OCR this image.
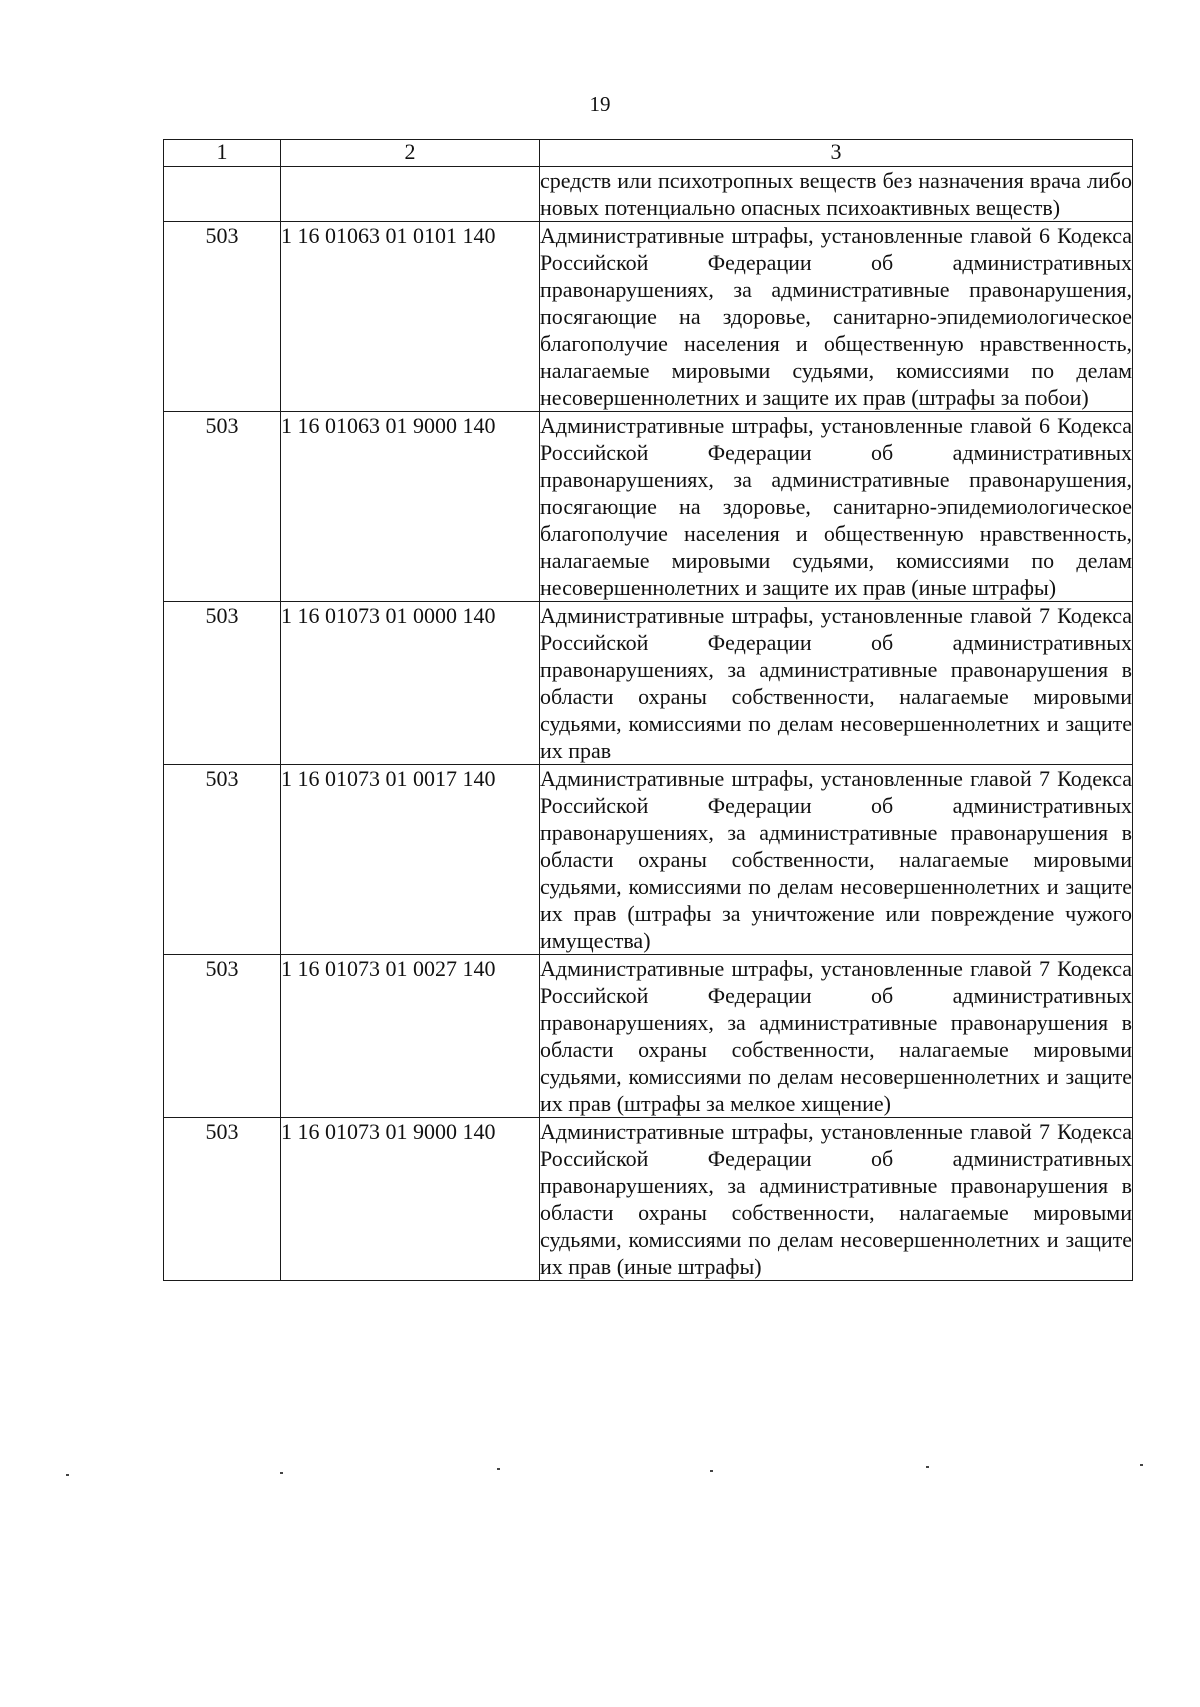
19
1	2	3
		средств или психотропных веществ без назначения врача либо новых потенциально опасных психоактивных веществ)
503	1 16 01063 01 0101 140	Административные штрафы, установленные главой 6 Кодекса Российской Федерации об административных правонарушениях, за административные правонарушения, посягающие на здоровье, санитарно-эпидемиологическое благополучие населения и общественную нравственность, налагаемые мировыми судьями, комиссиями по делам несовершеннолетних и защите их прав (штрафы за побои)
503	1 16 01063 01 9000 140	Административные штрафы, установленные главой 6 Кодекса Российской Федерации об административных правонарушениях, за административные правонарушения, посягающие на здоровье, санитарно-эпидемиологическое благополучие населения и общественную нравственность, налагаемые мировыми судьями, комиссиями по делам несовершеннолетних и защите их прав (иные штрафы)
503	1 16 01073 01 0000 140	Административные штрафы, установленные главой 7 Кодекса Российской Федерации об административных правонарушениях, за административные правонарушения в области охраны собственности, налагаемые мировыми судьями, комиссиями по делам несовершеннолетних и защите их прав
503	1 16 01073 01 0017 140	Административные штрафы, установленные главой 7 Кодекса Российской Федерации об административных правонарушениях, за административные правонарушения в области охраны собственности, налагаемые мировыми судьями, комиссиями по делам несовершеннолетних и защите их прав (штрафы за уничтожение или повреждение чужого имущества)
503	1 16 01073 01 0027 140	Административные штрафы, установленные главой 7 Кодекса Российской Федерации об административных правонарушениях, за административные правонарушения в области охраны собственности, налагаемые мировыми судьями, комиссиями по делам несовершеннолетних и защите их прав (штрафы за мелкое хищение)
503	1 16 01073 01 9000 140	Административные штрафы, установленные главой 7 Кодекса Российской Федерации об административных правонарушениях, за административные правонарушения в области охраны собственности, налагаемые мировыми судьями, комиссиями по делам несовершеннолетних и защите их прав (иные штрафы)
